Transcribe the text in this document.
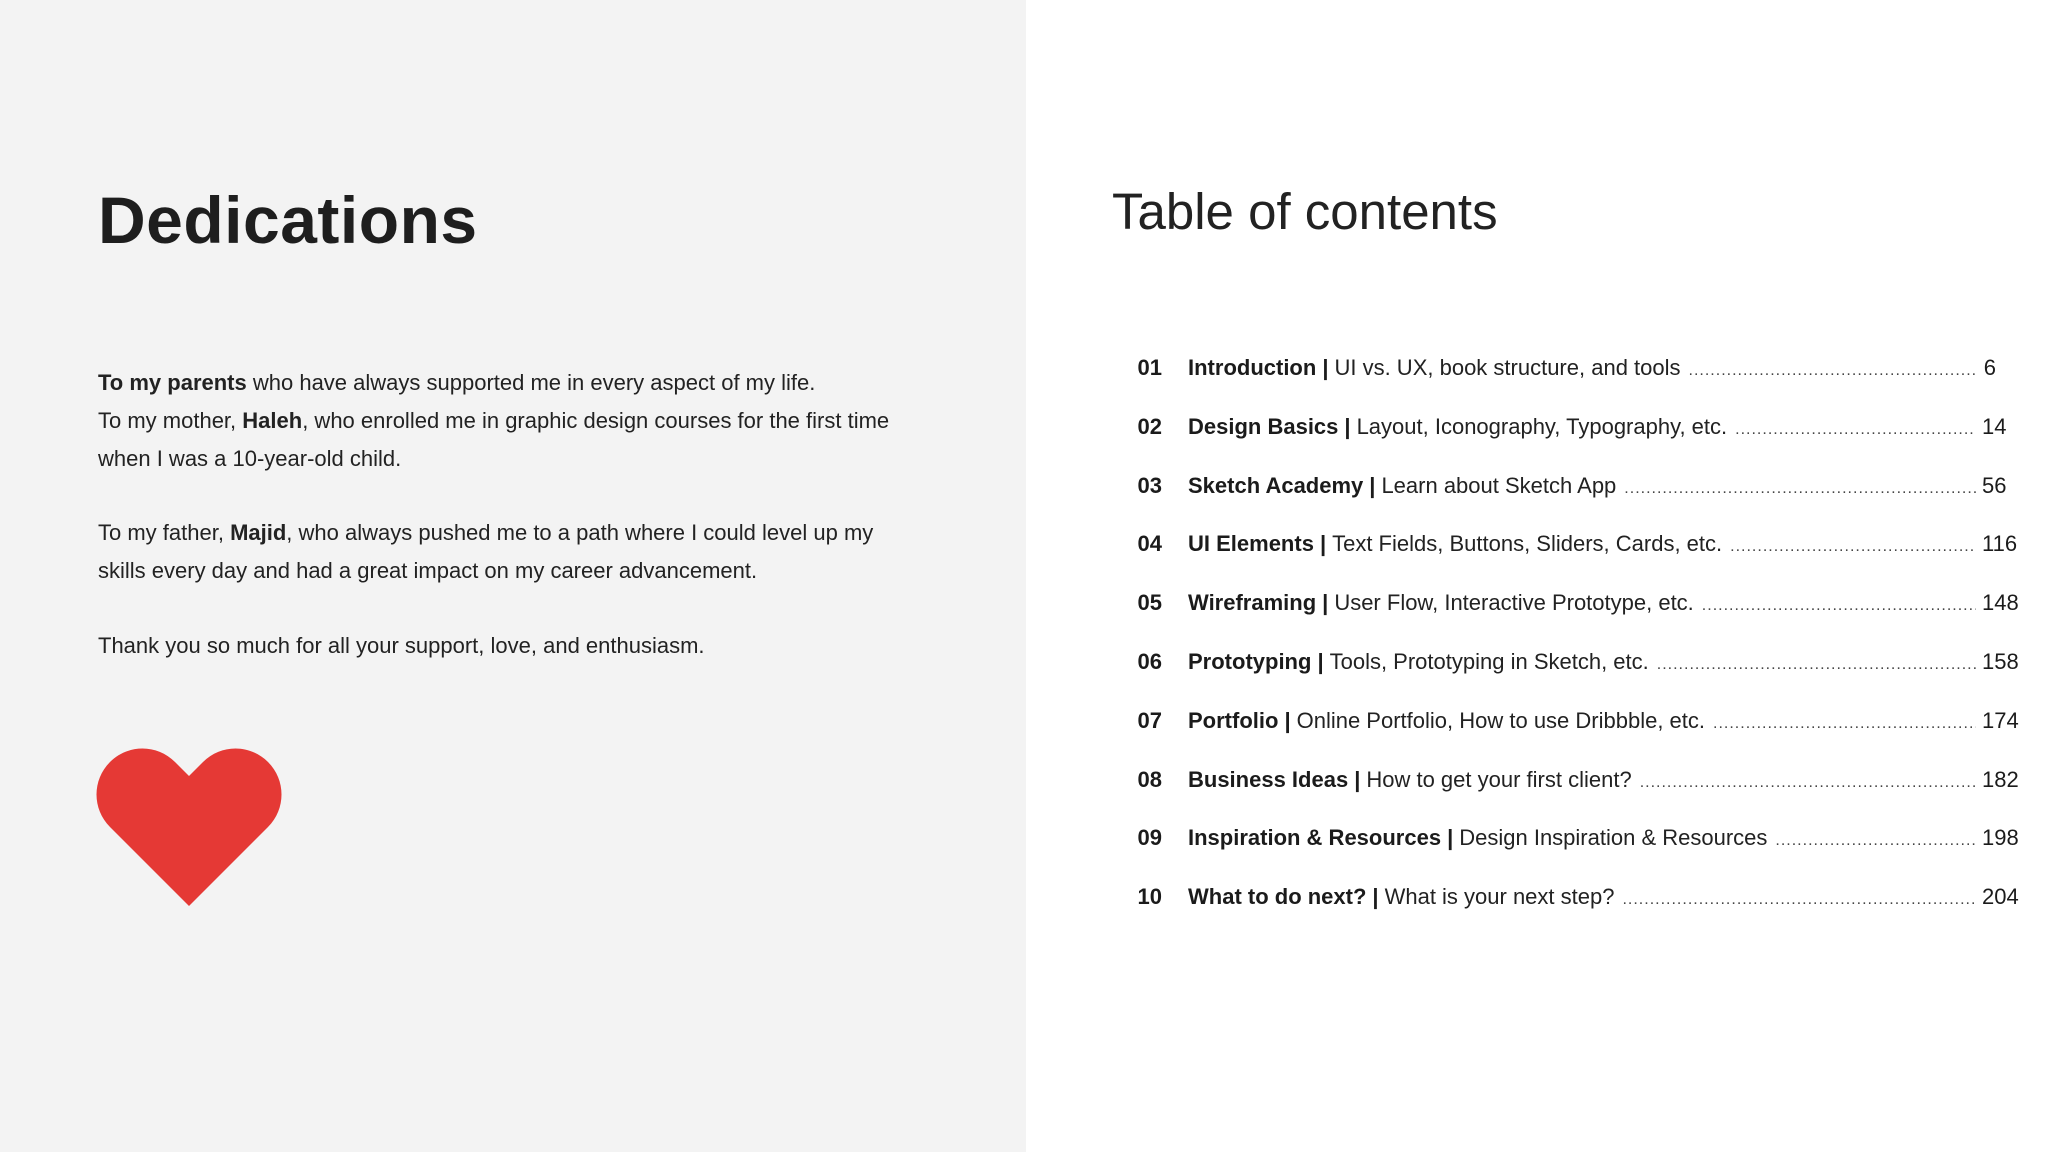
Dedications

To my parents who have always supported me in every aspect of my life.
To my mother, Haleh, who enrolled me in graphic design courses for the first time when I was a 10-year-old child.

To my father, Majid, who always pushed me to a path where I could level up my skills every day and had a great impact on my career advancement.

Thank you so much for all your support, love, and enthusiasm.

Table of contents
01 Introduction | UI vs. UX, book structure, and tools .....	6
02 Design Basics | Layout, Iconography, Typography, etc. .....	14
03 Sketch Academy | Learn about Sketch App .....	56
04 UI Elements | Text Fields, Buttons, Sliders, Cards, etc. .....	116
05 Wireframing | User Flow, Interactive Prototype, etc. .....	148
06 Prototyping | Tools, Prototyping in Sketch, etc. .....	158
07 Portfolio | Online Portfolio, How to use Dribbble, etc. .....	174
08 Business Ideas | How to get your first client? .....	182
09 Inspiration & Resources | Design Inspiration & Resources .....	198
10 What to do next? | What is your next step? .....	204
